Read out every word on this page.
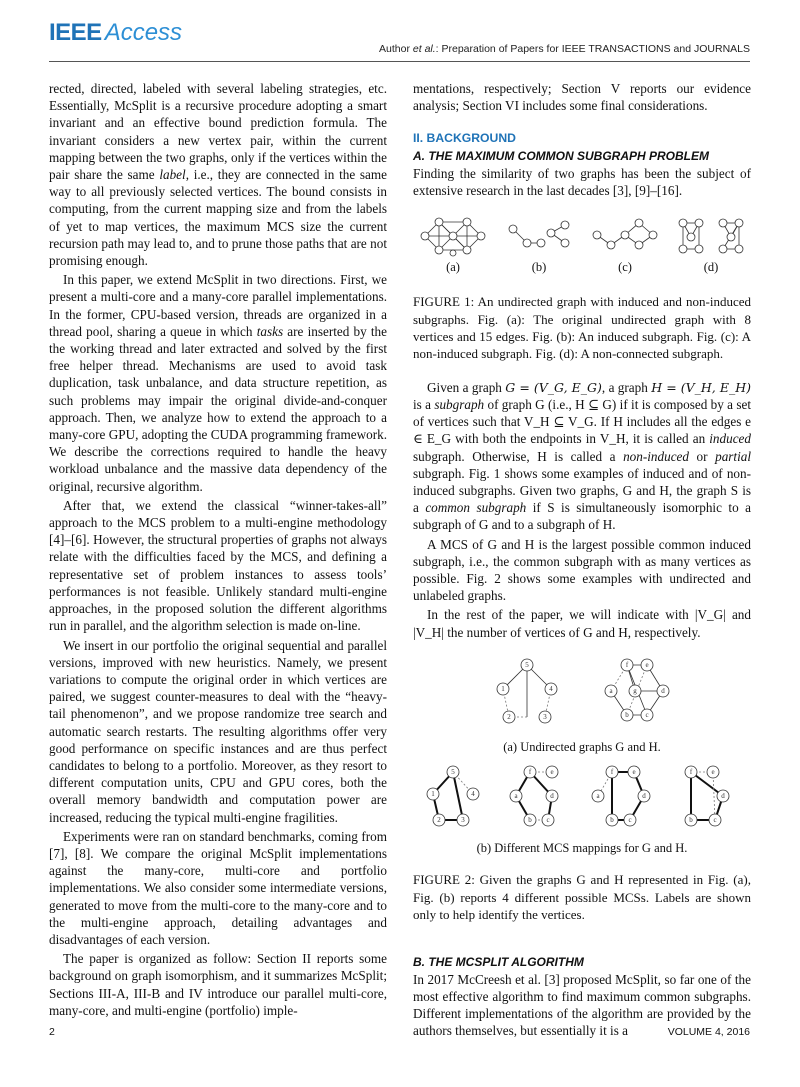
IEEE Access
Author et al.: Preparation of Papers for IEEE TRANSACTIONS and JOURNALS

rected, directed, labeled with several labeling strategies, etc. Essentially, McSplit is a recursive procedure adopting a smart invariant and an effective bound prediction formula. The invariant considers a new vertex pair, within the current mapping between the two graphs, only if the vertices within the pair share the same label, i.e., they are connected in the same way to all previously selected vertices. The bound consists in computing, from the current mapping size and from the labels of yet to map vertices, the maximum MCS size the current recursion path may lead to, and to prune those paths that are not promising enough.

In this paper, we extend McSplit in two directions. First, we present a multi-core and a many-core parallel implementations. In the former, CPU-based version, threads are organized in a thread pool, sharing a queue in which tasks are inserted by the the working thread and later extracted and solved by the first free helper thread. Mechanisms are used to avoid task duplication, task unbalance, and data structure repetition, as such problems may impair the original divide-and-conquer approach. Then, we analyze how to extend the approach to a many-core GPU, adopting the CUDA programming framework. We describe the corrections required to handle the heavy workload unbalance and the massive data dependency of the original, recursive algorithm.

After that, we extend the classical “winner-takes-all” approach to the MCS problem to a multi-engine methodology [4]–[6]. However, the structural properties of graphs not always relate with the difficulties faced by the MCS, and defining a representative set of problem instances to assess tools’ performances is not feasible. Unlikely standard multi-engine approaches, in the proposed solution the different algorithms run in parallel, and the algorithm selection is made on-line.

We insert in our portfolio the original sequential and parallel versions, improved with new heuristics. Namely, we present variations to compute the original order in which vertices are paired, we suggest counter-measures to deal with the “heavy-tail phenomenon”, and we propose randomize tree search and automatic search restarts. The resulting algorithms offer very good performance on specific instances and are thus perfect candidates to belong to a portfolio. Moreover, as they resort to different computation units, CPU and GPU cores, both the overall memory bandwidth and computation power are increased, reducing the typical multi-engine fragilities.

Experiments were ran on standard benchmarks, coming from [7], [8]. We compare the original McSplit implementations against the many-core, multi-core and portfolio implementations. We also consider some intermediate versions, generated to move from the multi-core to the many-core and to the multi-engine approach, detailing advantages and disadvantages of each version.

The paper is organized as follow: Section II reports some background on graph isomorphism, and it summarizes McSplit; Sections III-A, III-B and IV introduce our parallel multi-core, many-core, and multi-engine (portfolio) imple-

mentations, respectively; Section V reports our evidence analysis; Section VI includes some final considerations.

II. BACKGROUND
A. THE MAXIMUM COMMON SUBGRAPH PROBLEM

Finding the similarity of two graphs has been the subject of extensive research in the last decades [3], [9]–[16].

(a)	(b)	(c)	(d)

FIGURE 1: An undirected graph with induced and non-induced subgraphs. Fig. (a): The original undirected graph with 8 vertices and 15 edges. Fig. (b): An induced subgraph. Fig. (c): A non-induced subgraph. Fig. (d): A non-connected subgraph.

Given a graph G = (V_G, E_G), a graph H = (V_H, E_H) is a subgraph of graph G (i.e., H ⊆ G) if it is composed by a set of vertices such that V_H ⊆ V_G. If H includes all the edges e ∈ E_G with both the endpoints in V_H, it is called an induced subgraph. Otherwise, H is called a non-induced or partial subgraph. Fig. 1 shows some examples of induced and of non-induced subgraphs. Given two graphs, G and H, the graph S is a common subgraph if S is simultaneously isomorphic to a subgraph of G and to a subgraph of H.

A MCS of G and H is the largest possible common induced subgraph, i.e., the common subgraph with as many vertices as possible. Fig. 2 shows some examples with undirected and unlabeled graphs.

In the rest of the paper, we will indicate with |V_G| and |V_H| the number of vertices of G and H, respectively.

5
1	4
2	3
f e
a	g	d
b c
(a) Undirected graphs G and H.
5
1	4
2	3
f	e
a	d
b c
f	e
a	d
b c
f	e
d
b	c
(b) Different MCS mappings for G and H.

FIGURE 2: Given the graphs G and H represented in Fig. (a), Fig. (b) reports 4 different possible MCSs. Labels are shown only to help identify the vertices.

B. THE MCSPLIT ALGORITHM

In 2017 McCreesh et al. [3] proposed McSplit, so far one of the most effective algorithm to find maximum common subgraphs. Different implementations of the algorithm are provided by the authors themselves, but essentially it is a

2	VOLUME 4, 2016
